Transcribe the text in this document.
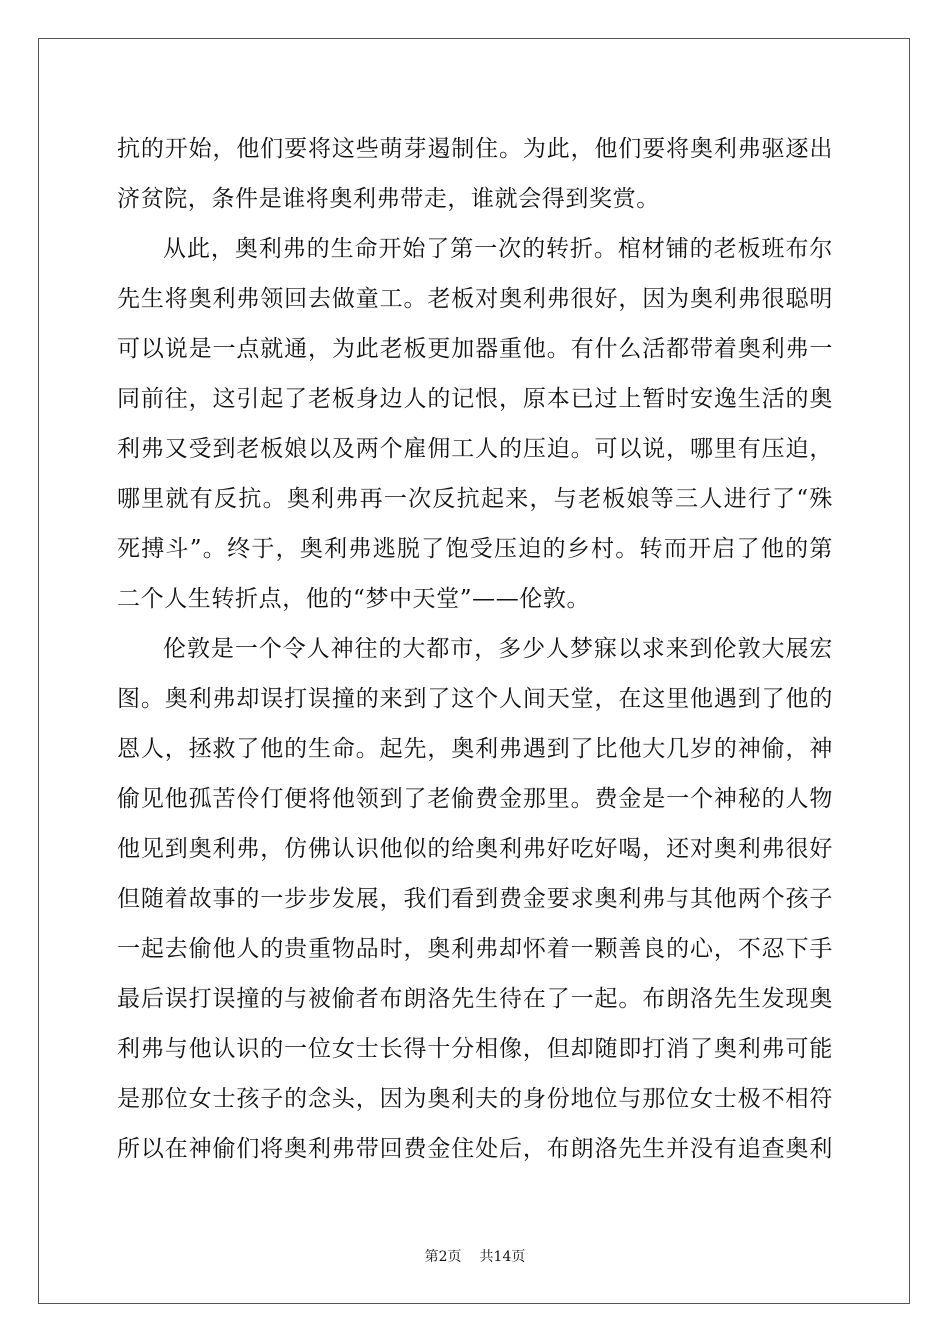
抗的开始，他们要将这些萌芽遏制住。为此，他们要将奥利弗驱逐出
济贫院，条件是谁将奥利弗带走，谁就会得到奖赏。
从此，奥利弗的生命开始了第一次的转折。棺材铺的老板班布尔
先生将奥利弗领回去做童工。老板对奥利弗很好，因为奥利弗很聪明
可以说是一点就通，为此老板更加器重他。有什么活都带着奥利弗一
同前往，这引起了老板身边人的记恨，原本已过上暂时安逸生活的奥
利弗又受到老板娘以及两个雇佣工人的压迫。可以说，哪里有压迫，
哪里就有反抗。奥利弗再一次反抗起来，与老板娘等三人进行了“殊
死搏斗”。终于，奥利弗逃脱了饱受压迫的乡村。转而开启了他的第
二个人生转折点，他的“梦中天堂”——伦敦。
伦敦是一个令人神往的大都市，多少人梦寐以求来到伦敦大展宏
图。奥利弗却误打误撞的来到了这个人间天堂，在这里他遇到了他的
恩人，拯救了他的生命。起先，奥利弗遇到了比他大几岁的神偷，神
偷见他孤苦伶仃便将他领到了老偷费金那里。费金是一个神秘的人物
他见到奥利弗，仿佛认识他似的给奥利弗好吃好喝，还对奥利弗很好
但随着故事的一步步发展，我们看到费金要求奥利弗与其他两个孩子
一起去偷他人的贵重物品时，奥利弗却怀着一颗善良的心，不忍下手
最后误打误撞的与被偷者布朗洛先生待在了一起。布朗洛先生发现奥
利弗与他认识的一位女士长得十分相像，但却随即打消了奥利弗可能
是那位女士孩子的念头，因为奥利夫的身份地位与那位女士极不相符
所以在神偷们将奥利弗带回费金住处后，布朗洛先生并没有追查奥利
第2页 共14页
